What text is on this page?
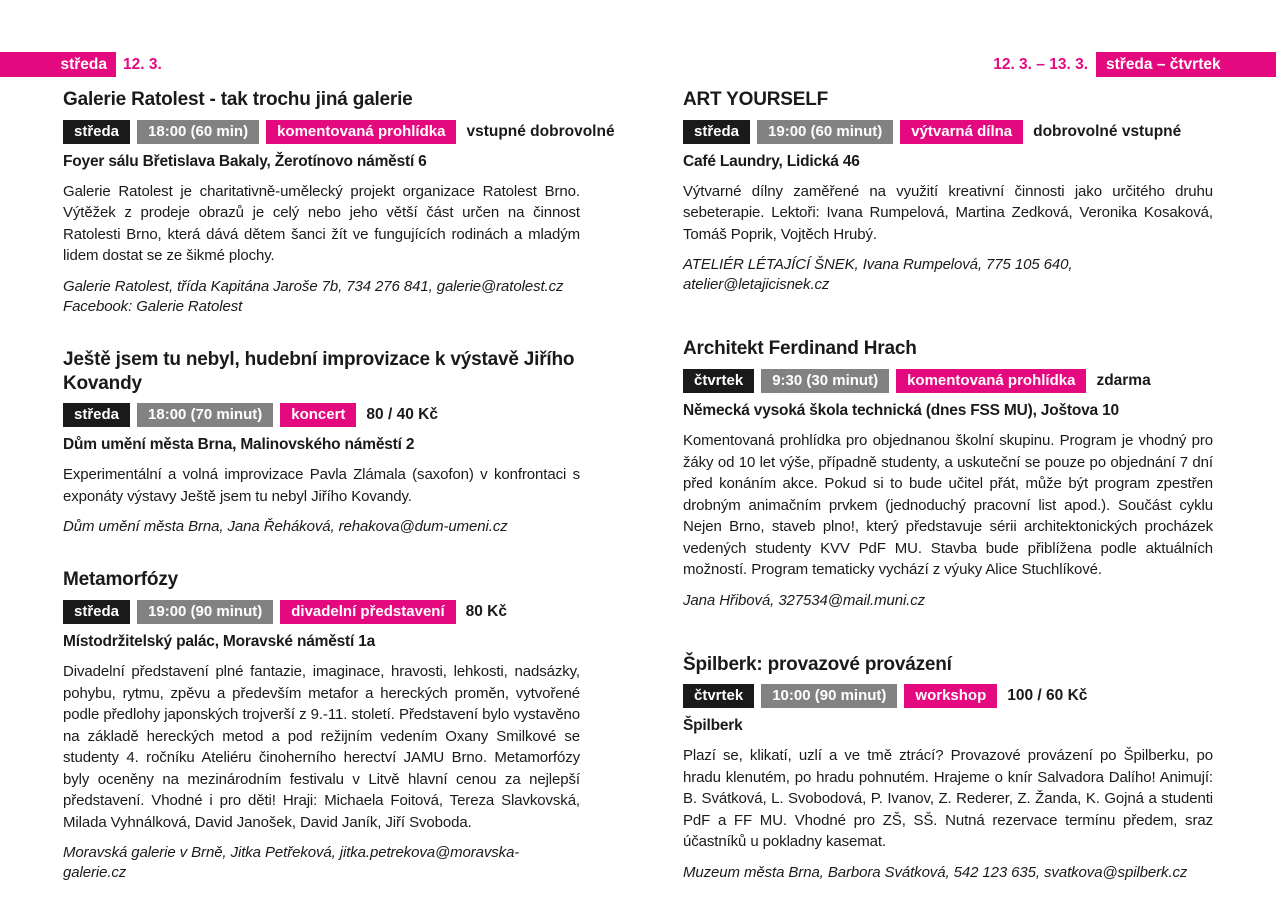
středa 12. 3.	12. 3. – 13. 3. středa – čtvrtek
Galerie Ratolest - tak trochu jiná galerie
středa	18:00 (60 min)	komentovaná prohlídka	vstupné dobrovolné
Foyer sálu Břetislava Bakaly, Žerotínovo náměstí 6
Galerie Ratolest je charitativně-umělecký projekt organizace Ratolest Brno. Výtěžek z prodeje obrazů je celý nebo jeho větší část určen na činnost Ratolesti Brno, která dává dětem šanci žít ve fungujících rodinách a mladým lidem dostat se ze šikmé plochy.
Galerie Ratolest, třída Kapitána Jaroše 7b, 734 276 841, galerie@ratolest.cz
Facebook: Galerie Ratolest
Ještě jsem tu nebyl, hudební improvizace k výstavě Jiřího Kovandy
středa	18:00 (70 minut)	koncert	80 / 40 Kč
Dům umění města Brna, Malinovského náměstí 2
Experimentální a volná improvizace Pavla Zlámala (saxofon) v konfrontaci s exponáty výstavy Ještě jsem tu nebyl Jiřího Kovandy.
Dům umění města Brna, Jana Řeháková, rehakova@dum-umeni.cz
Metamorfózy
středa	19:00 (90 minut)	divadelní představení	80 Kč
Místodržitelský palác, Moravské náměstí 1a
Divadelní představení plné fantazie, imaginace, hravosti, lehkosti, nadsázky, pohybu, rytmu, zpěvu a především metafor a hereckých proměn, vytvořené podle předlohy japonských trojverší z 9.-11. století. Představení bylo vystavěno na základě hereckých metod a pod režijním vedením Oxany Smilkové se studenty 4. ročníku Ateliéru činoherního herectví JAMU Brno. Metamorfózy byly oceněny na mezinárodním festivalu v Litvě hlavní cenou za nejlepší představení. Vhodné i pro děti! Hraji: Michaela Foitová, Tereza Slavkovská, Milada Vyhnálková, David Janošek, David Janík, Jiří Svoboda.
Moravská galerie v Brně, Jitka Petřeková, jitka.petrekova@moravska-galerie.cz
ART YOURSELF
středa	19:00 (60 minut)	výtvarná dílna	dobrovolné vstupné
Café Laundry, Lidická 46
Výtvarné dílny zaměřené na využití kreativní činnosti jako určitého druhu sebeterapie. Lektoři: Ivana Rumpelová, Martina Zedková, Veronika Kosaková, Tomáš Poprik, Vojtěch Hrubý.
ATELIÉR LÉTAJÍCÍ ŠNEK, Ivana Rumpelová, 775 105 640, atelier@letajicisnek.cz
Architekt Ferdinand Hrach
čtvrtek	9:30 (30 minut)	komentovaná prohlídka	zdarma
Německá vysoká škola technická (dnes FSS MU), Joštova 10
Komentovaná prohlídka pro objednanou školní skupinu. Program je vhodný pro žáky od 10 let výše, případně studenty, a uskuteční se pouze po objednání 7 dní před konáním akce. Pokud si to bude učitel přát, může být program zpestřen drobným animačním prvkem (jednoduchý pracovní list apod.). Součást cyklu Nejen Brno, staveb plno!, který představuje sérii architektonických procházek vedených studenty KVV PdF MU. Stavba bude přiblížena podle aktuálních možností. Program tematicky vychází z výuky Alice Stuchlíkové.
Jana Hřibová, 327534@mail.muni.cz
Špilberk: provazové provázení
čtvrtek	10:00 (90 minut)	workshop	100 / 60 Kč
Špilberk
Plazí se, klikatí, uzlí a ve tmě ztrácí? Provazové provázení po Špilberku, po hradu klenutém, po hradu pohnutém. Hrajeme o knír Salvadora Dalího! Animují: B. Svátková, L. Svobodová, P. Ivanov, Z. Rederer, Z. Žanda, K. Gojná a studenti PdF a FF MU. Vhodné pro ZŠ, SŠ. Nutná rezervace termínu předem, sraz účastníků u pokladny kasemat.
Muzeum města Brna, Barbora Svátková, 542 123 635, svatkova@spilberk.cz
